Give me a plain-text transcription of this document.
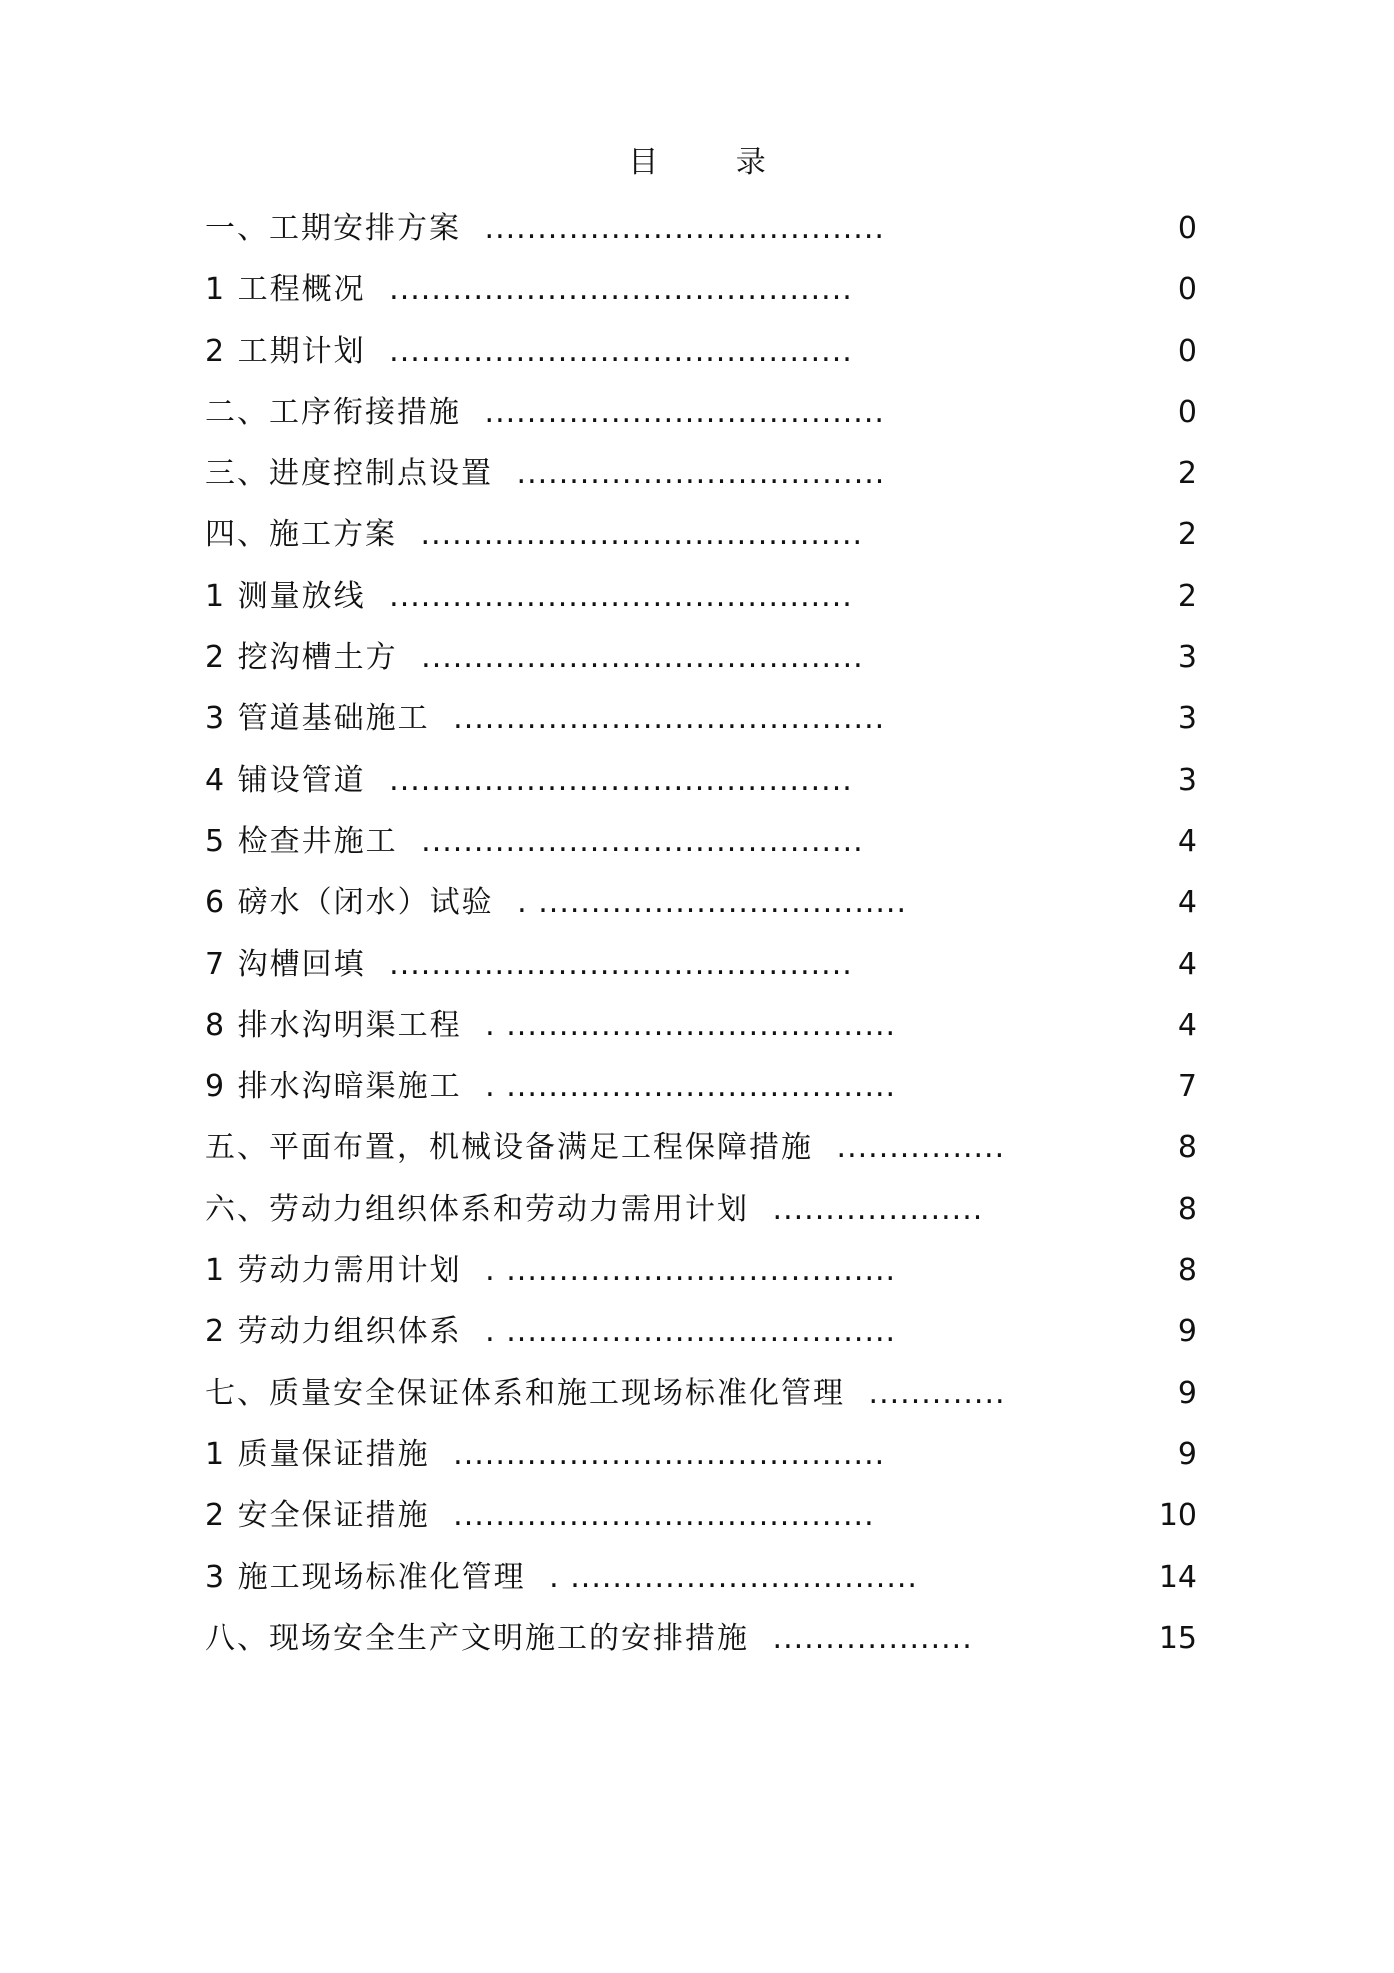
目 录
一、工期安排方案 ......................................	0
1 工程概况 ............................................	0
2 工期计划 ............................................	0
二、工序衔接措施 ......................................	0
三、进度控制点设置 ...................................	2
四、施工方案 ..........................................	2
1 测量放线 ............................................	2
2 挖沟槽土方 ..........................................	3
3 管道基础施工 .........................................	3
4 铺设管道 ............................................	3
5 检查井施工 ..........................................	4
6 磅水（闭水）试验 . ...................................	4
7 沟槽回填 ............................................	4
8 排水沟明渠工程 . .....................................	4
9 排水沟暗渠施工 . .....................................	7
五、平面布置，机械设备满足工程保障措施 ................	8
六、劳动力组织体系和劳动力需用计划 ....................	8
1 劳动力需用计划 . .....................................	8
2 劳动力组织体系 . .....................................	9
七、质量安全保证体系和施工现场标准化管理 .............	9
1 质量保证措施 .........................................	9
2 安全保证措施 ........................................	10
3 施工现场标准化管理 . .................................	14
八、现场安全生产文明施工的安排措施 ...................	15
